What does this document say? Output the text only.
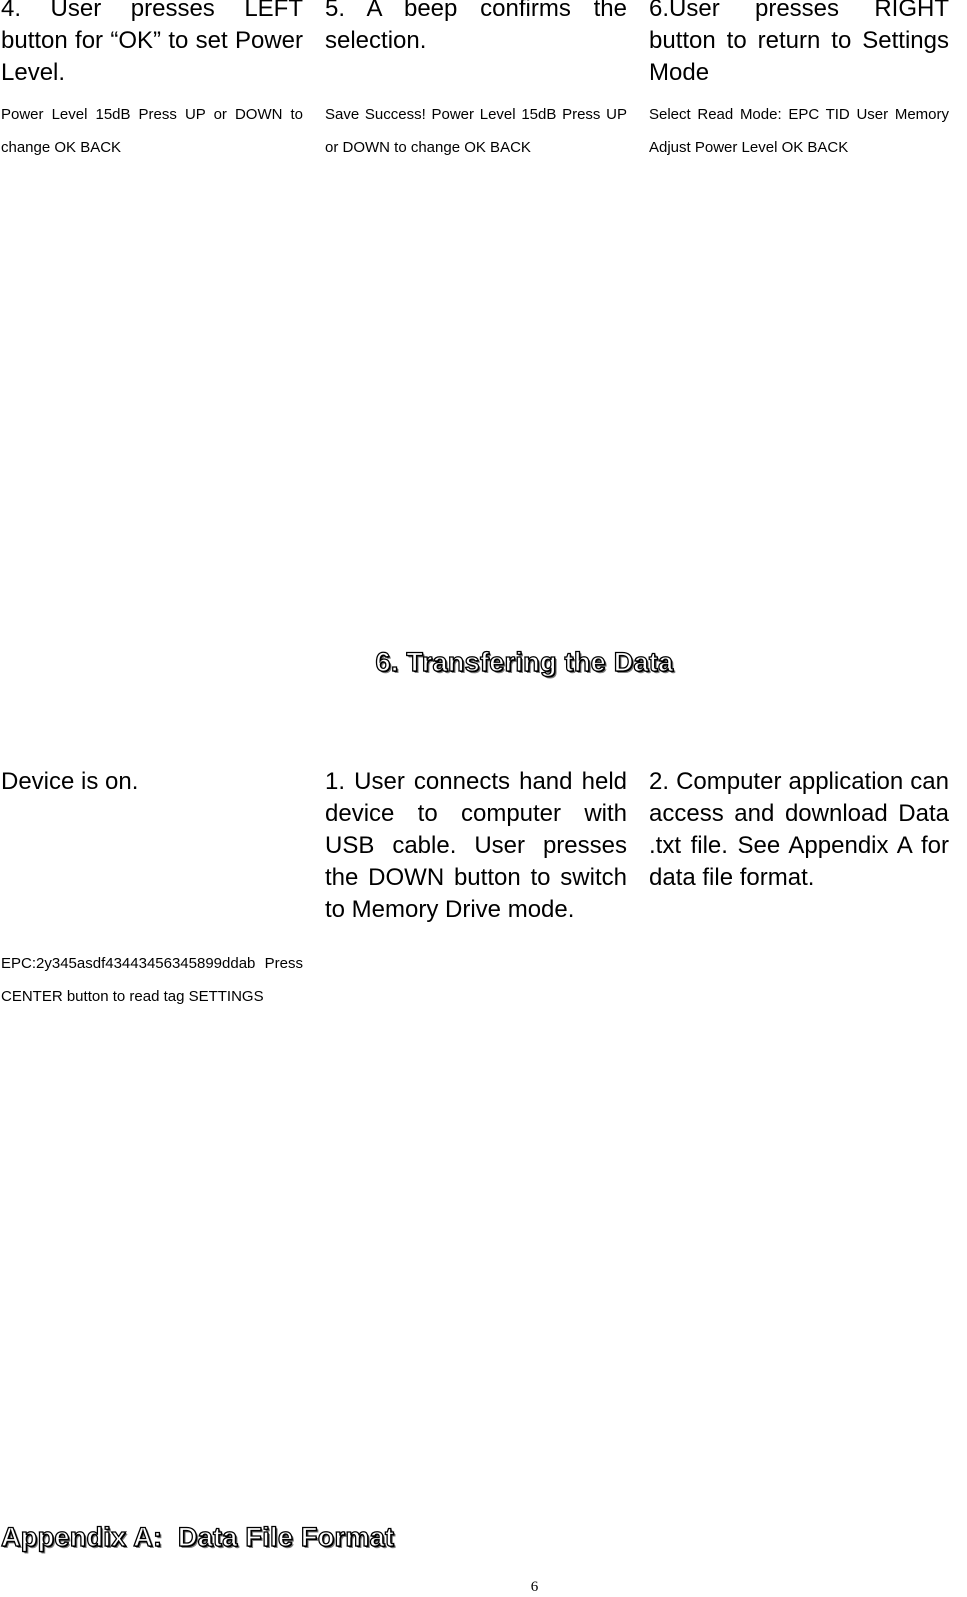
4. User presses LEFT button for “OK” to set Power Level.

Power Level 15dB Press UP or DOWN to change OK BACK

5. A beep confirms the selection.

Save Success! Power Level 15dB Press UP or DOWN to change OK BACK

6.User presses RIGHT button to return to Settings Mode

Select Read Mode: EPC TID User Memory Adjust Power Level OK BACK

6. Transfering the Data

Device is on.

EPC:2y345asdf43443456345899ddab Press CENTER button to read tag SETTINGS

1. User connects hand held device to computer with USB cable. User presses the DOWN button to switch to Memory Drive mode.

2. Computer application can access and download Data .txt file. See Appendix A for data file format.

Appendix A:  Data File Format

6
